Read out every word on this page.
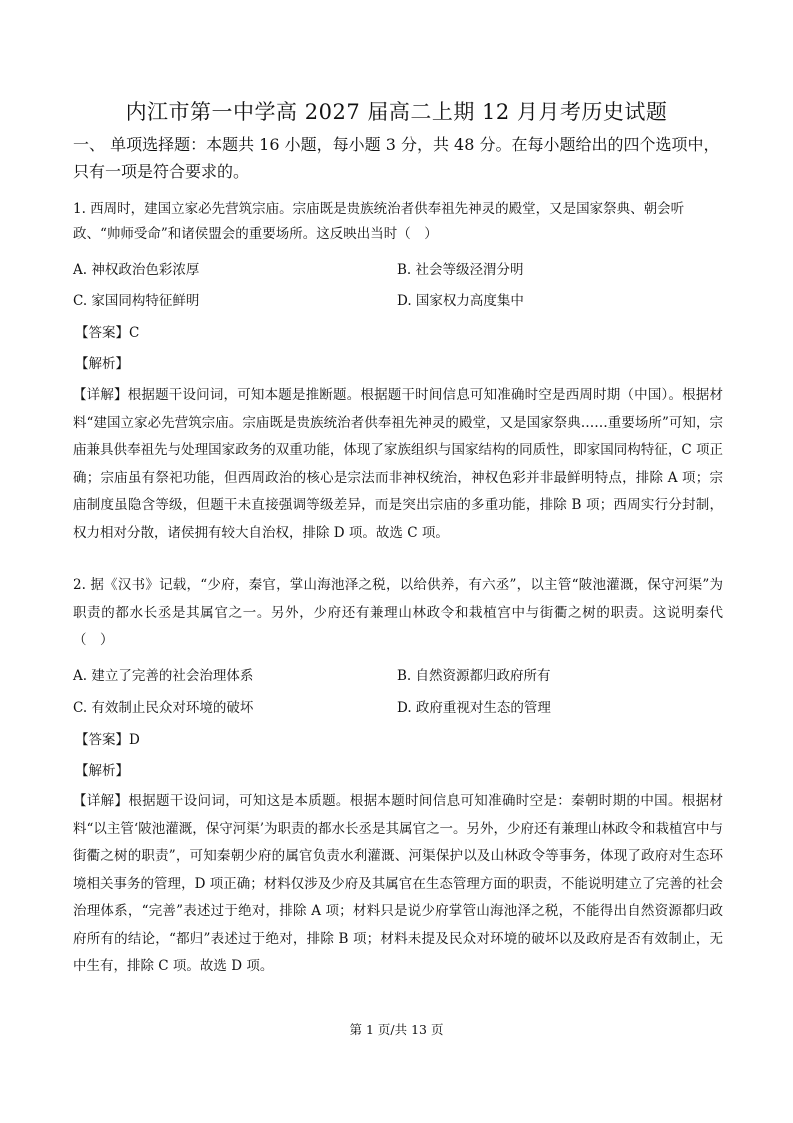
内江市第一中学高 2027 届高二上期 12 月月考历史试题
一、 单项选择题：本题共 16 小题，每小题 3 分，共 48 分。在每小题给出的四个选项中，只有一项是符合要求的。
1. 西周时，建国立家必先营筑宗庙。宗庙既是贵族统治者供奉祖先神灵的殿堂，又是国家祭典、朝会听政、“帅师受命”和诸侯盟会的重要场所。这反映出当时（　）
A. 神权政治色彩浓厚	B. 社会等级泾渭分明
C. 家国同构特征鲜明	D. 国家权力高度集中
【答案】C
【解析】
【详解】根据题干设问词，可知本题是推断题。根据题干时间信息可知准确时空是西周时期（中国）。根据材料“建国立家必先营筑宗庙。宗庙既是贵族统治者供奉祖先神灵的殿堂，又是国家祭典……重要场所”可知，宗庙兼具供奉祖先与处理国家政务的双重功能，体现了家族组织与国家结构的同质性，即家国同构特征，C 项正确；宗庙虽有祭祀功能，但西周政治的核心是宗法而非神权统治，神权色彩并非最鲜明特点，排除 A 项；宗庙制度虽隐含等级，但题干未直接强调等级差异，而是突出宗庙的多重功能，排除 B 项；西周实行分封制，权力相对分散，诸侯拥有较大自治权，排除 D 项。故选 C 项。
2. 据《汉书》记载，“少府，秦官，掌山海池泽之税，以给供养，有六丞”，以主管“陂池灌溉，保守河渠”为职责的都水长丞是其属官之一。另外，少府还有兼理山林政令和栽植宫中与街衢之树的职责。这说明秦代（　）
A. 建立了完善的社会治理体系	B. 自然资源都归政府所有
C. 有效制止民众对环境的破坏	D. 政府重视对生态的管理
【答案】D
【解析】
【详解】根据题干设问词，可知这是本质题。根据本题时间信息可知准确时空是：秦朝时期的中国。根据材料“以主管‘陂池灌溉，保守河渠’为职责的都水长丞是其属官之一。另外，少府还有兼理山林政令和栽植宫中与街衢之树的职责”，可知秦朝少府的属官负责水利灌溉、河渠保护以及山林政令等事务，体现了政府对生态环境相关事务的管理，D 项正确；材料仅涉及少府及其属官在生态管理方面的职责，不能说明建立了完善的社会治理体系，“完善”表述过于绝对，排除 A 项；材料只是说少府掌管山海池泽之税，不能得出自然资源都归政府所有的结论，“都归”表述过于绝对，排除 B 项；材料未提及民众对环境的破坏以及政府是否有效制止，无中生有，排除 C 项。故选 D 项。
第 1 页/共 13 页
